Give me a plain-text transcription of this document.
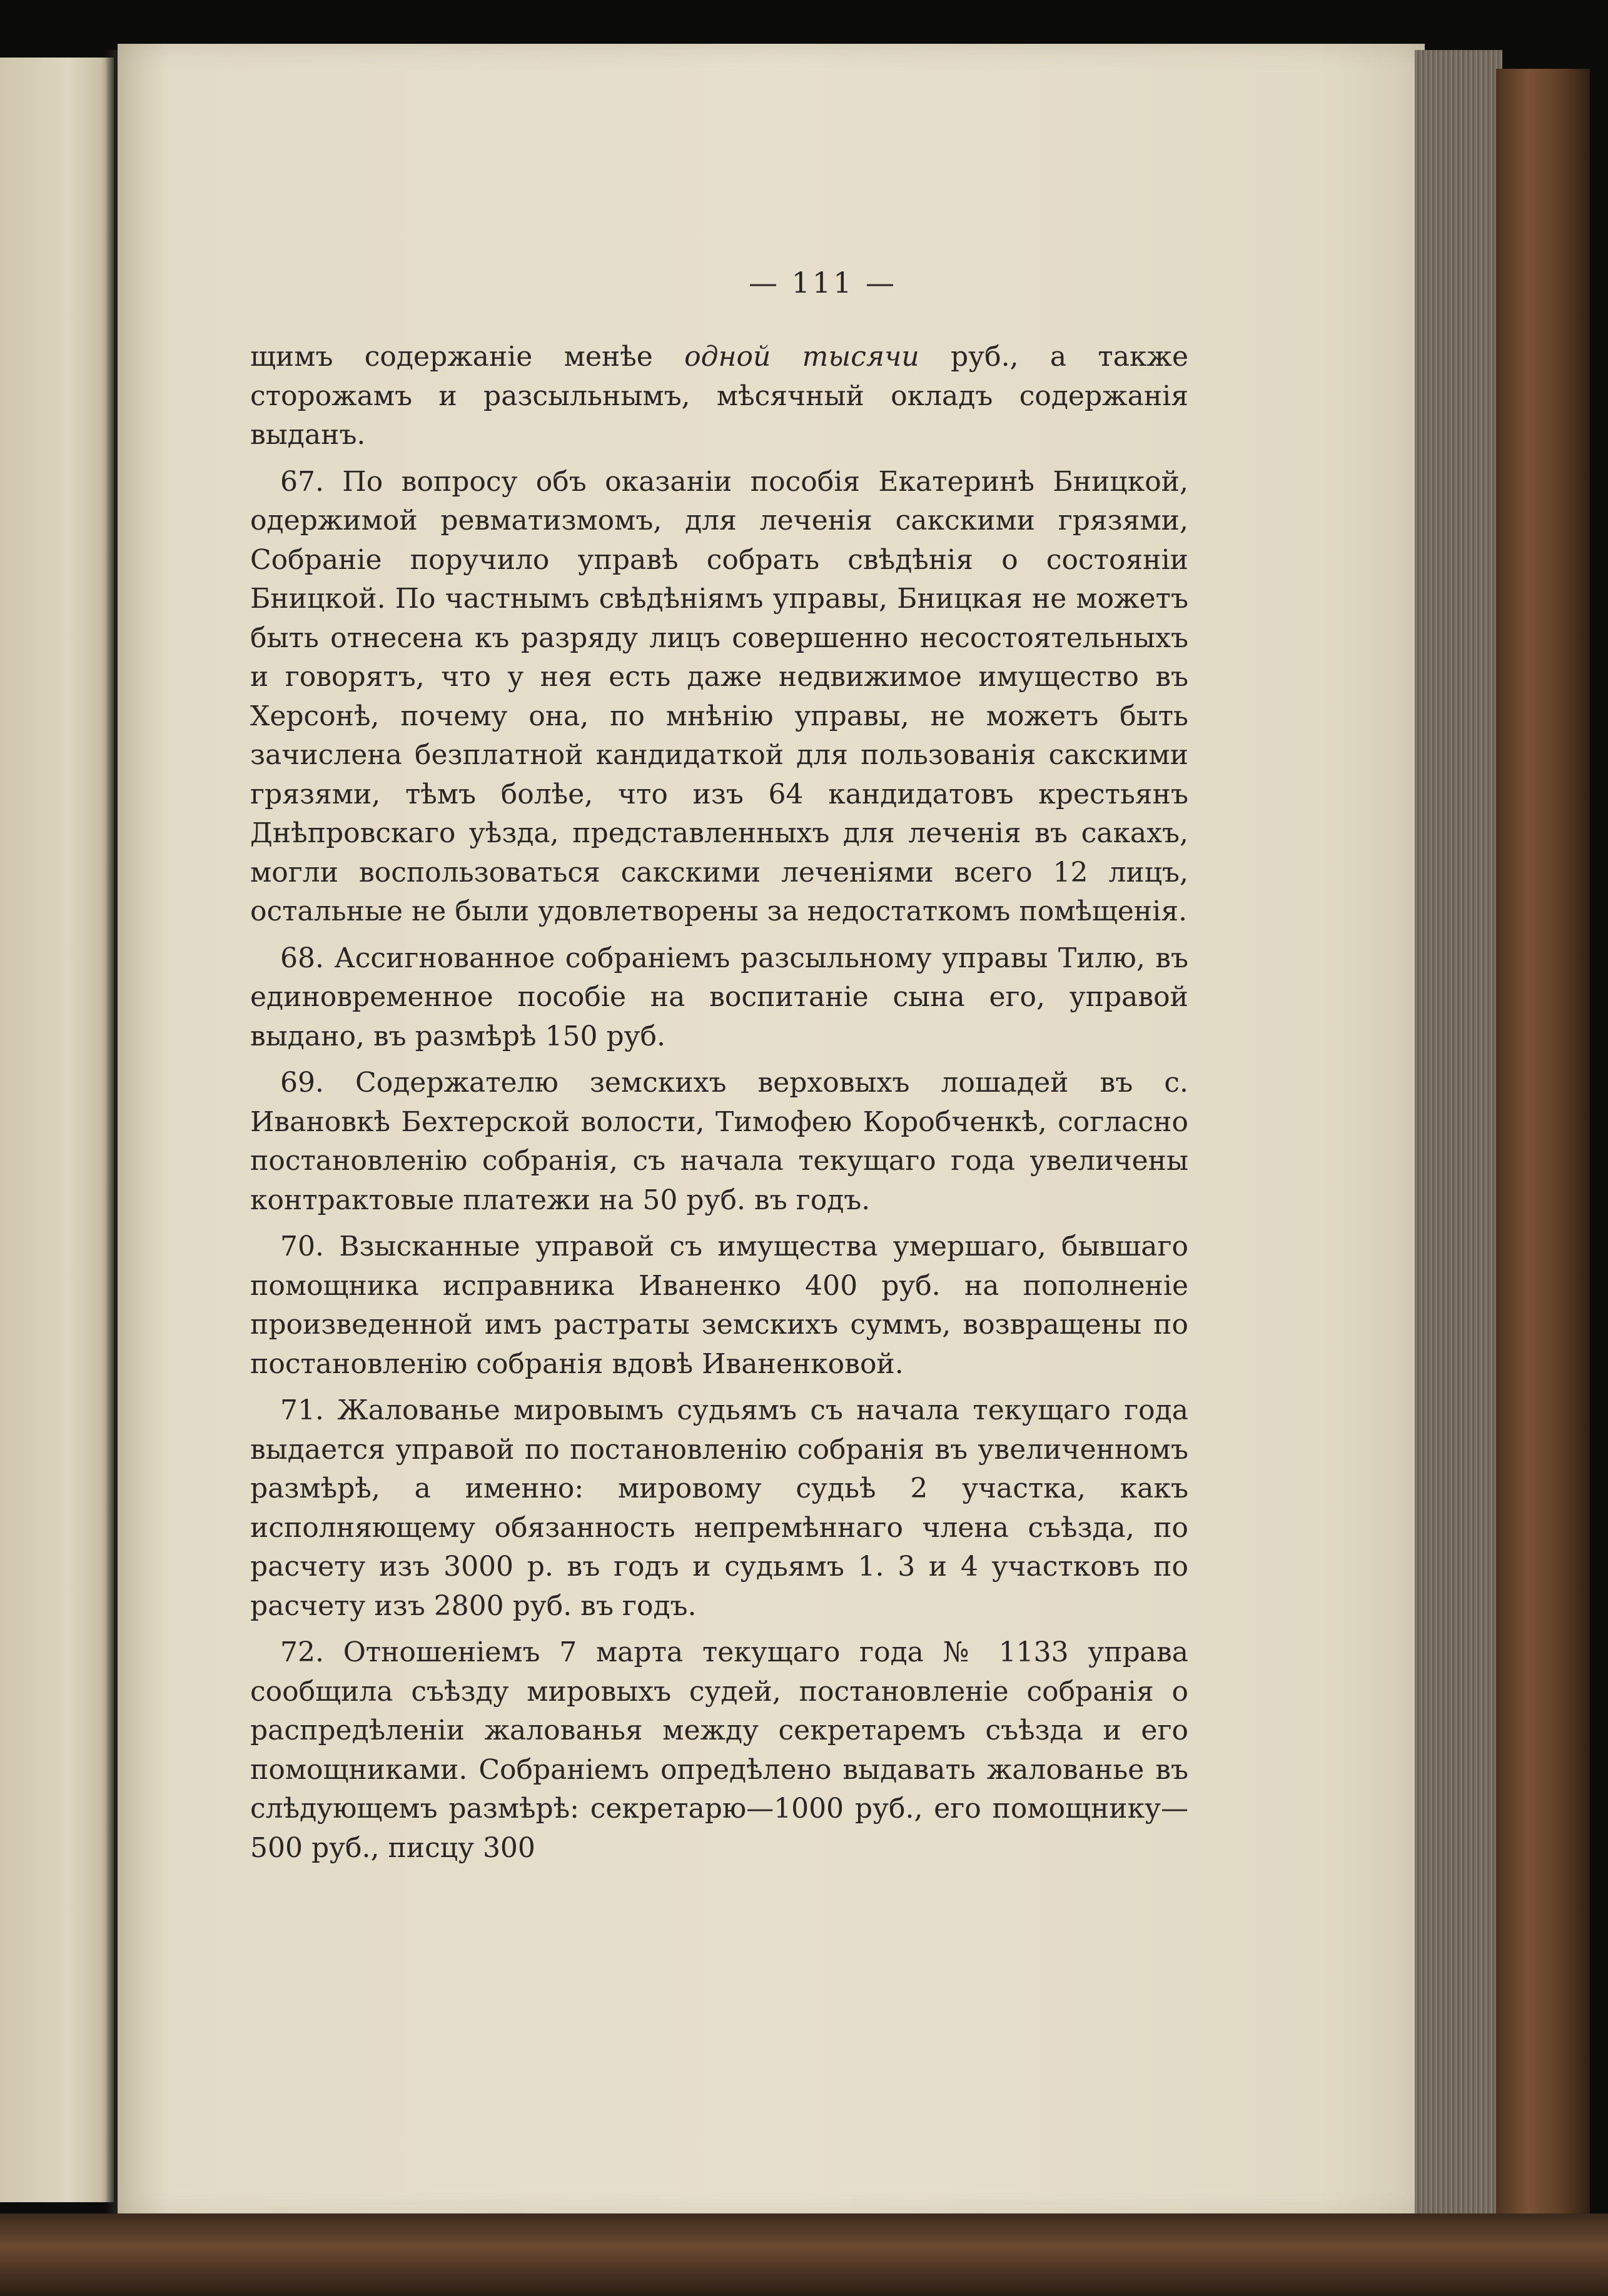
— 111 —

щимъ содержаніе менѣе одной тысячи руб., а также сторожамъ и разсыльнымъ, мѣсячный окладъ содержанія выданъ.

67. По вопросу объ оказаніи пособія Екатеринѣ Бницкой, одержимой ревматизмомъ, для леченія сакскими грязями, Собраніе поручило управѣ собрать свѣдѣнія о состояніи Бницкой. По частнымъ свѣдѣніямъ управы, Бницкая не можетъ быть отнесена къ разряду лицъ совершенно несостоятельныхъ и говорятъ, что у нея есть даже недвижимое имущество въ Херсонѣ, почему она, по мнѣнію управы, не можетъ быть зачислена безплатной кандидаткой для пользованія сакскими грязями, тѣмъ болѣе, что изъ 64 кандидатовъ крестьянъ Днѣпровскаго уѣзда, представленныхъ для леченія въ сакахъ, могли воспользоваться сакскими леченіями всего 12 лицъ, остальные не были удовлетворены за недостаткомъ помѣщенія.

68. Ассигнованное собраніемъ разсыльному управы Тилю, въ единовременное пособіе на воспитаніе сына его, управой выдано, въ размѣрѣ 150 руб.

69. Содержателю земскихъ верховыхъ лошадей въ с. Ивановкѣ Бехтерской волости, Тимофею Коробченкѣ, согласно постановленію собранія, съ начала текущаго года увеличены контрактовые платежи на 50 руб. въ годъ.

70. Взысканные управой съ имущества умершаго, бывшаго помощника исправника Иваненко 400 руб. на пополненіе произведенной имъ растраты земскихъ суммъ, возвращены по постановленію собранія вдовѣ Иваненковой.

71. Жалованье мировымъ судьямъ съ начала текущаго года выдается управой по постановленію собранія въ увеличенномъ размѣрѣ, а именно: мировому судьѣ 2 участка, какъ исполняющему обязанность непремѣннаго члена съѣзда, по расчету изъ 3000 р. въ годъ и судьямъ 1. 3 и 4 участковъ по расчету изъ 2800 руб. въ годъ.

72. Отношеніемъ 7 марта текущаго года № 1133 управа сообщила съѣзду мировыхъ судей, постановленіе собранія о распредѣленіи жалованья между секретаремъ съѣзда и его помощниками. Собраніемъ опредѣлено выдавать жалованье въ слѣдующемъ размѣрѣ: секретарю—1000 руб., его помощнику—500 руб., писцу 300
